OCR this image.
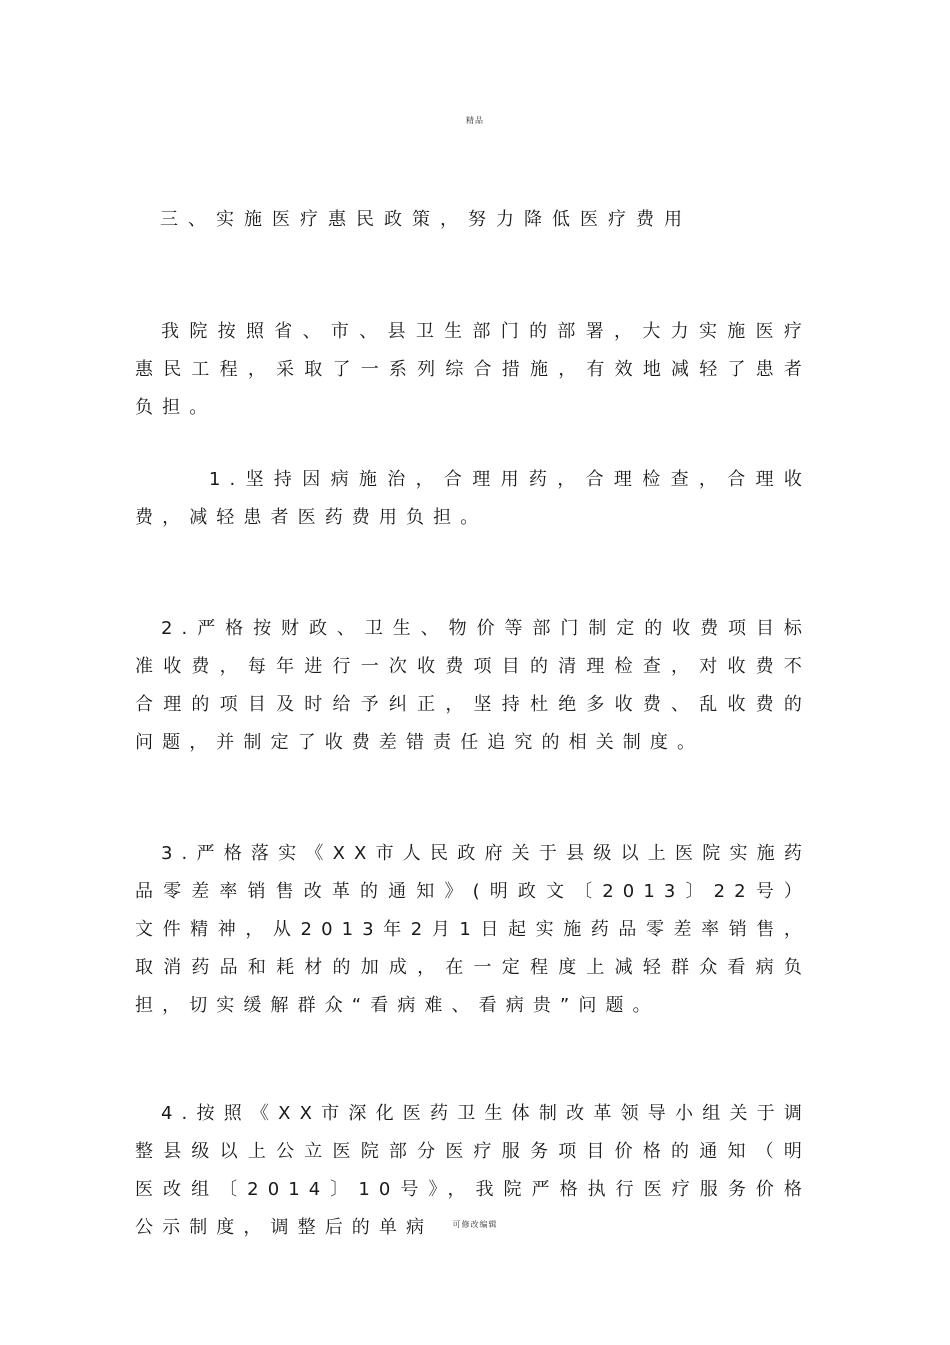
精品
三、实施医疗惠民政策，努力降低医疗费用

我院按照省、市、县卫生部门的部署，大力实施医疗惠民工程，采取了一系列综合措施，有效地减轻了患者负担。

1.坚持因病施治，合理用药，合理检查，合理收费，减轻患者医药费用负担。

2.严格按财政、卫生、物价等部门制定的收费项目标准收费，每年进行一次收费项目的清理检查，对收费不合理的项目及时给予纠正，坚持杜绝多收费、乱收费的问题，并制定了收费差错责任追究的相关制度。

3.严格落实《XX市人民政府关于县级以上医院实施药品零差率销售改革的通知》(明政文〔2013〕22号）文件精神，从2013年2月1日起实施药品零差率销售，取消药品和耗材的加成，在一定程度上减轻群众看病负担，切实缓解群众“看病难、看病贵”问题。

4.按照《XX市深化医药卫生体制改革领导小组关于调整县级以上公立医院部分医疗服务项目价格的通知（明医改组〔2014〕10号》，我院严格执行医疗服务价格公示制度，调整后的单病	可修改编辑
